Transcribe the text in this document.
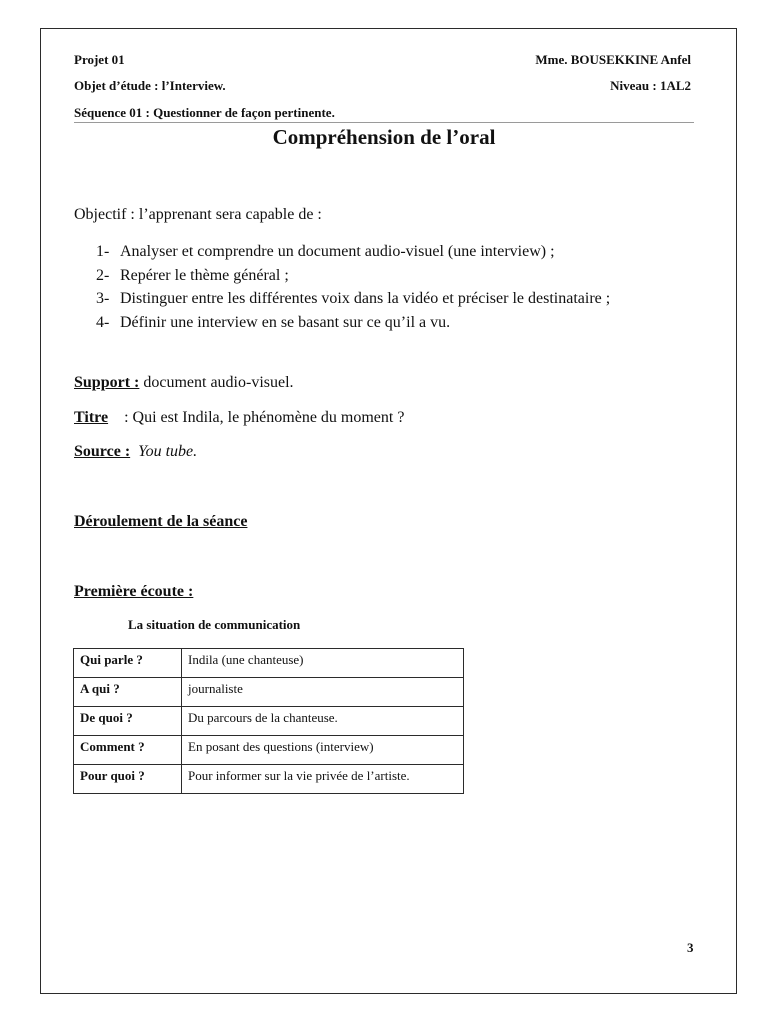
Projet 01	Mme. BOUSEKKINE Anfel
Objet d’étude : l’Interview.	Niveau : 1AL2
Séquence 01 : Questionner de façon pertinente.
Compréhension de l’oral
Objectif : l’apprenant sera capable de :
1- Analyser et comprendre un document audio-visuel (une interview) ;
2- Repérer le thème général ;
3- Distinguer entre les différentes voix dans la vidéo et préciser le destinataire ;
4- Définir une interview en se basant sur ce qu’il a vu.
Support : document audio-visuel.
Titre : Qui est Indila, le phénomène du moment ?
Source : You tube.
Déroulement de la séance
Première écoute :
La situation de communication
Qui parle ?	Indila (une chanteuse)
A qui ?	journaliste
De quoi ?	Du parcours de la chanteuse.
Comment ?	En posant des questions (interview)
Pour quoi ?	Pour informer sur la vie privée de l’artiste.
3
